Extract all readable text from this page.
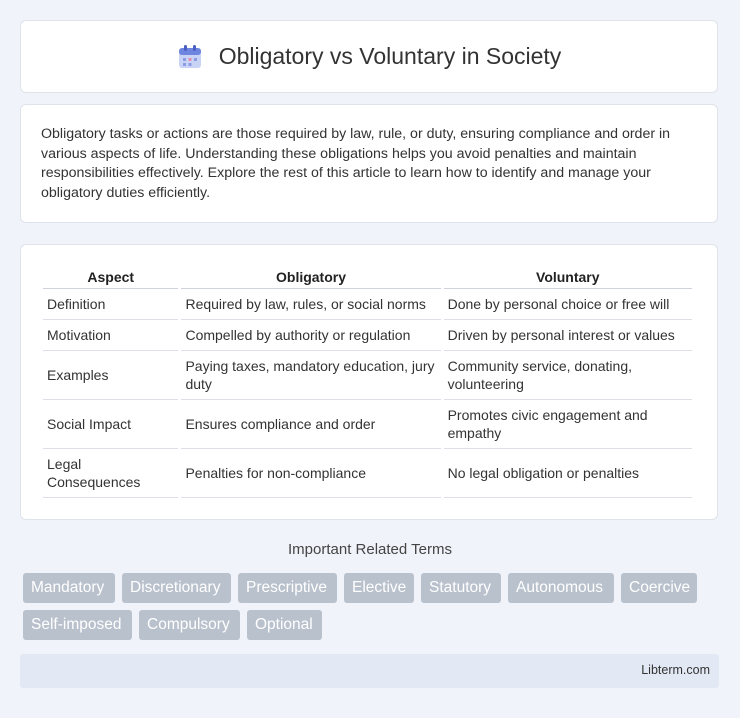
Obligatory vs Voluntary in Society

Obligatory tasks or actions are those required by law, rule, or duty, ensuring compliance and order in various aspects of life. Understanding these obligations helps you avoid penalties and maintain responsibilities effectively. Explore the rest of this article to learn how to identify and manage your obligatory duties efficiently.

Aspect	Obligatory	Voluntary
Definition	Required by law, rules, or social norms	Done by personal choice or free will
Motivation	Compelled by authority or regulation	Driven by personal interest or values
Examples	Paying taxes, mandatory education, jury duty	Community service, donating, volunteering
Social Impact	Ensures compliance and order	Promotes civic engagement and empathy
Legal Consequences	Penalties for non-compliance	No legal obligation or penalties
Important Related Terms
Mandatory	Discretionary	Prescriptive	Elective	Statutory	Autonomous	Coercive
Self-imposed	Compulsory	Optional
Libterm.com
